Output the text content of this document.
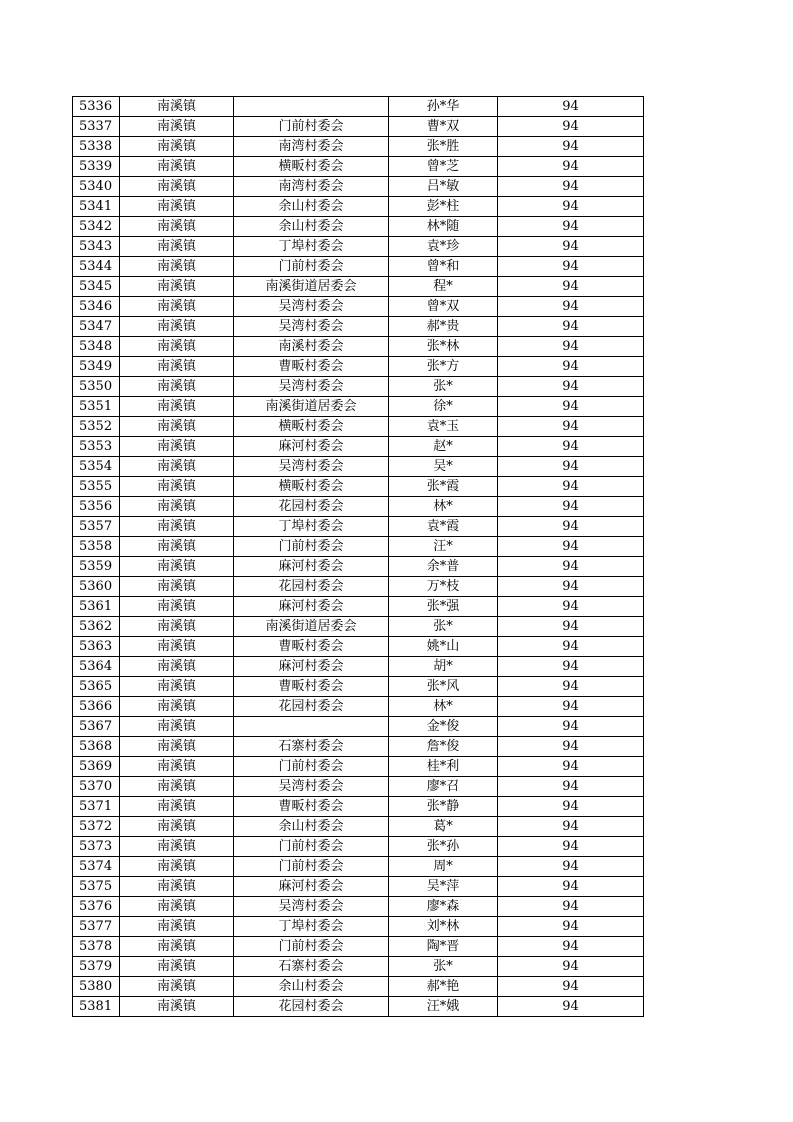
5336	南溪镇		孙*华	94
5337	南溪镇	门前村委会	曹*双	94
5338	南溪镇	南湾村委会	张*胜	94
5339	南溪镇	横畈村委会	曾*芝	94
5340	南溪镇	南湾村委会	吕*敏	94
5341	南溪镇	余山村委会	彭*柱	94
5342	南溪镇	余山村委会	林*随	94
5343	南溪镇	丁埠村委会	袁*珍	94
5344	南溪镇	门前村委会	曾*和	94
5345	南溪镇	南溪街道居委会	程*	94
5346	南溪镇	吴湾村委会	曾*双	94
5347	南溪镇	吴湾村委会	郝*贵	94
5348	南溪镇	南溪村委会	张*林	94
5349	南溪镇	曹畈村委会	张*方	94
5350	南溪镇	吴湾村委会	张*	94
5351	南溪镇	南溪街道居委会	徐*	94
5352	南溪镇	横畈村委会	袁*玉	94
5353	南溪镇	麻河村委会	赵*	94
5354	南溪镇	吴湾村委会	吴*	94
5355	南溪镇	横畈村委会	张*霞	94
5356	南溪镇	花园村委会	林*	94
5357	南溪镇	丁埠村委会	袁*霞	94
5358	南溪镇	门前村委会	汪*	94
5359	南溪镇	麻河村委会	余*普	94
5360	南溪镇	花园村委会	万*枝	94
5361	南溪镇	麻河村委会	张*强	94
5362	南溪镇	南溪街道居委会	张*	94
5363	南溪镇	曹畈村委会	姚*山	94
5364	南溪镇	麻河村委会	胡*	94
5365	南溪镇	曹畈村委会	张*风	94
5366	南溪镇	花园村委会	林*	94
5367	南溪镇		金*俊	94
5368	南溪镇	石寨村委会	詹*俊	94
5369	南溪镇	门前村委会	桂*利	94
5370	南溪镇	吴湾村委会	廖*召	94
5371	南溪镇	曹畈村委会	张*静	94
5372	南溪镇	余山村委会	葛*	94
5373	南溪镇	门前村委会	张*孙	94
5374	南溪镇	门前村委会	周*	94
5375	南溪镇	麻河村委会	吴*萍	94
5376	南溪镇	吴湾村委会	廖*森	94
5377	南溪镇	丁埠村委会	刘*林	94
5378	南溪镇	门前村委会	陶*晋	94
5379	南溪镇	石寨村委会	张*	94
5380	南溪镇	余山村委会	郝*艳	94
5381	南溪镇	花园村委会	汪*娥	94
